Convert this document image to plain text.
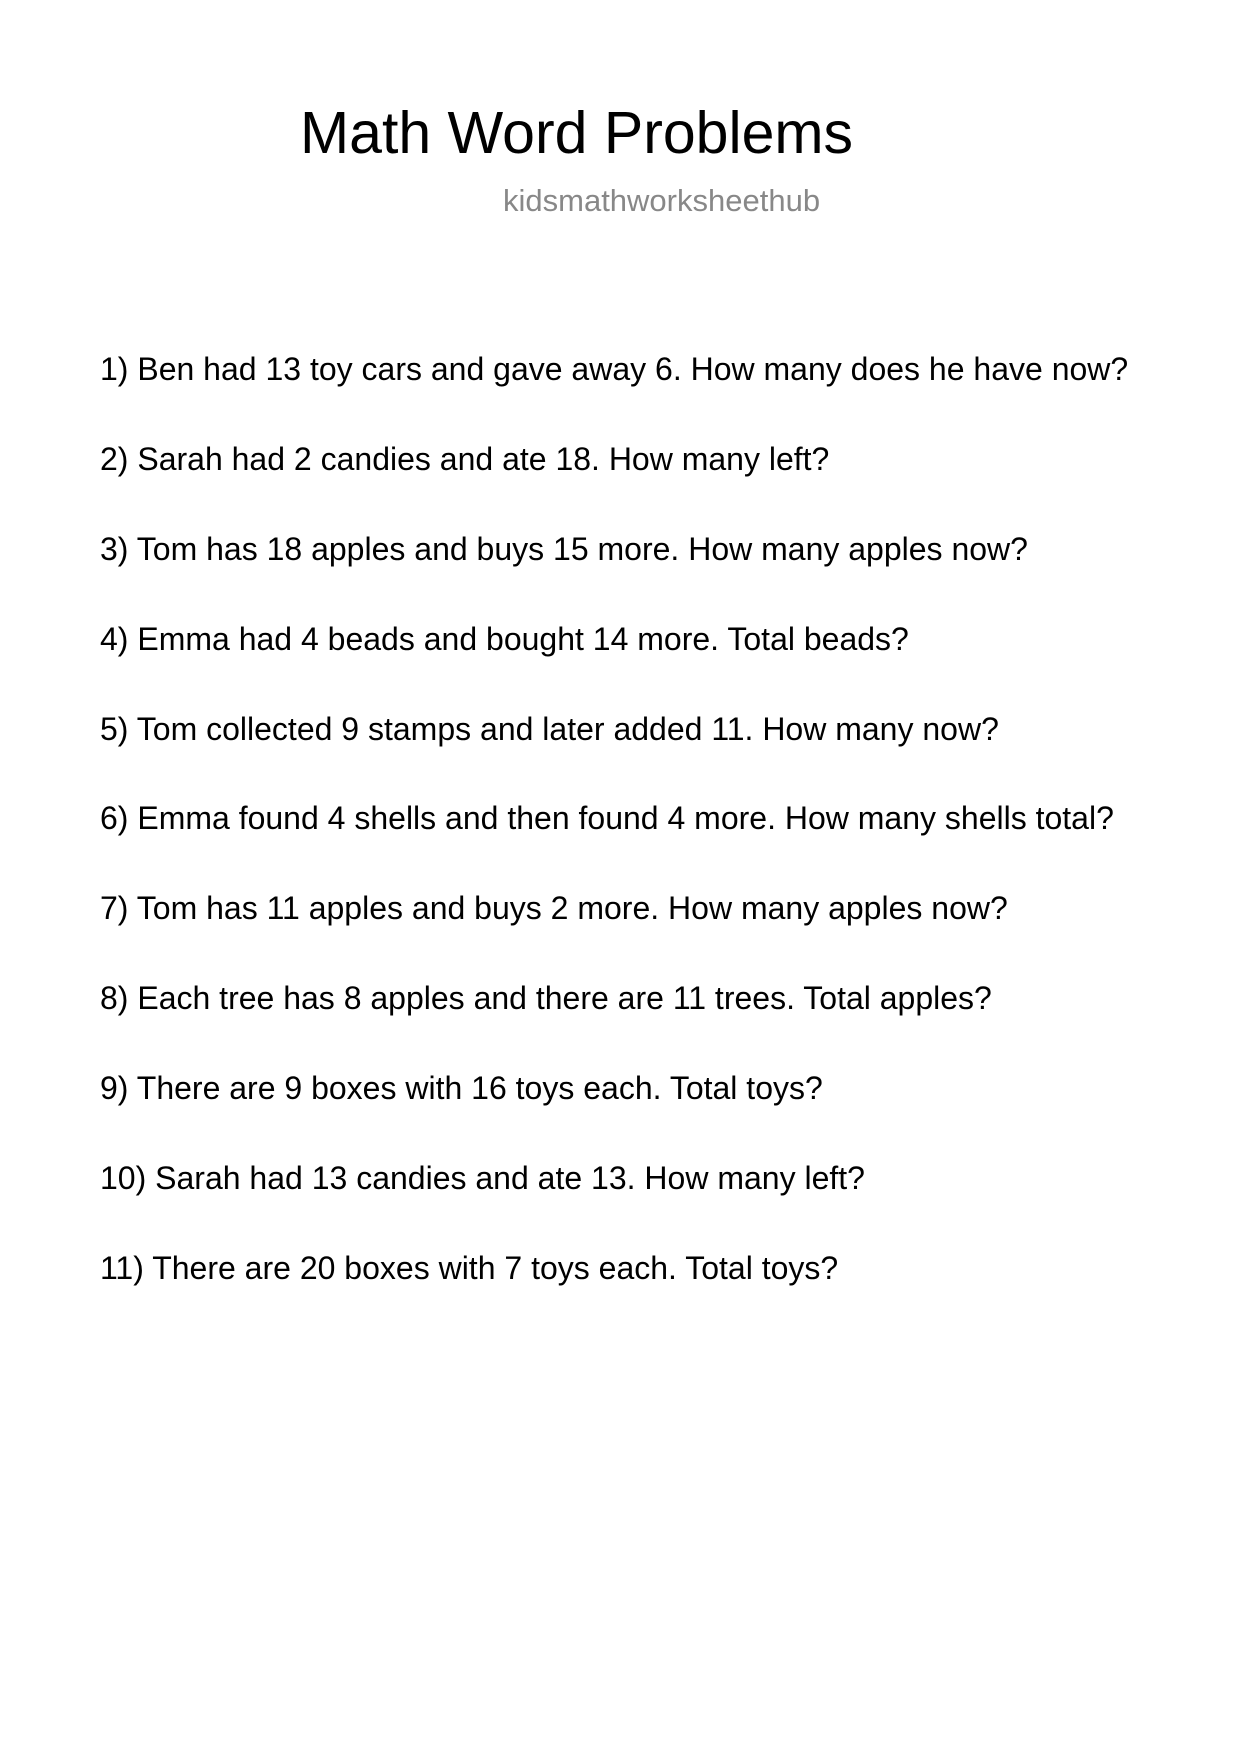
Math Word Problems
kidsmathworksheethub
1) Ben had 13 toy cars and gave away 6. How many does he have now?
2) Sarah had 2 candies and ate 18. How many left?
3) Tom has 18 apples and buys 15 more. How many apples now?
4) Emma had 4 beads and bought 14 more. Total beads?
5) Tom collected 9 stamps and later added 11. How many now?
6) Emma found 4 shells and then found 4 more. How many shells total?
7) Tom has 11 apples and buys 2 more. How many apples now?
8) Each tree has 8 apples and there are 11 trees. Total apples?
9) There are 9 boxes with 16 toys each. Total toys?
10) Sarah had 13 candies and ate 13. How many left?
11) There are 20 boxes with 7 toys each. Total toys?
